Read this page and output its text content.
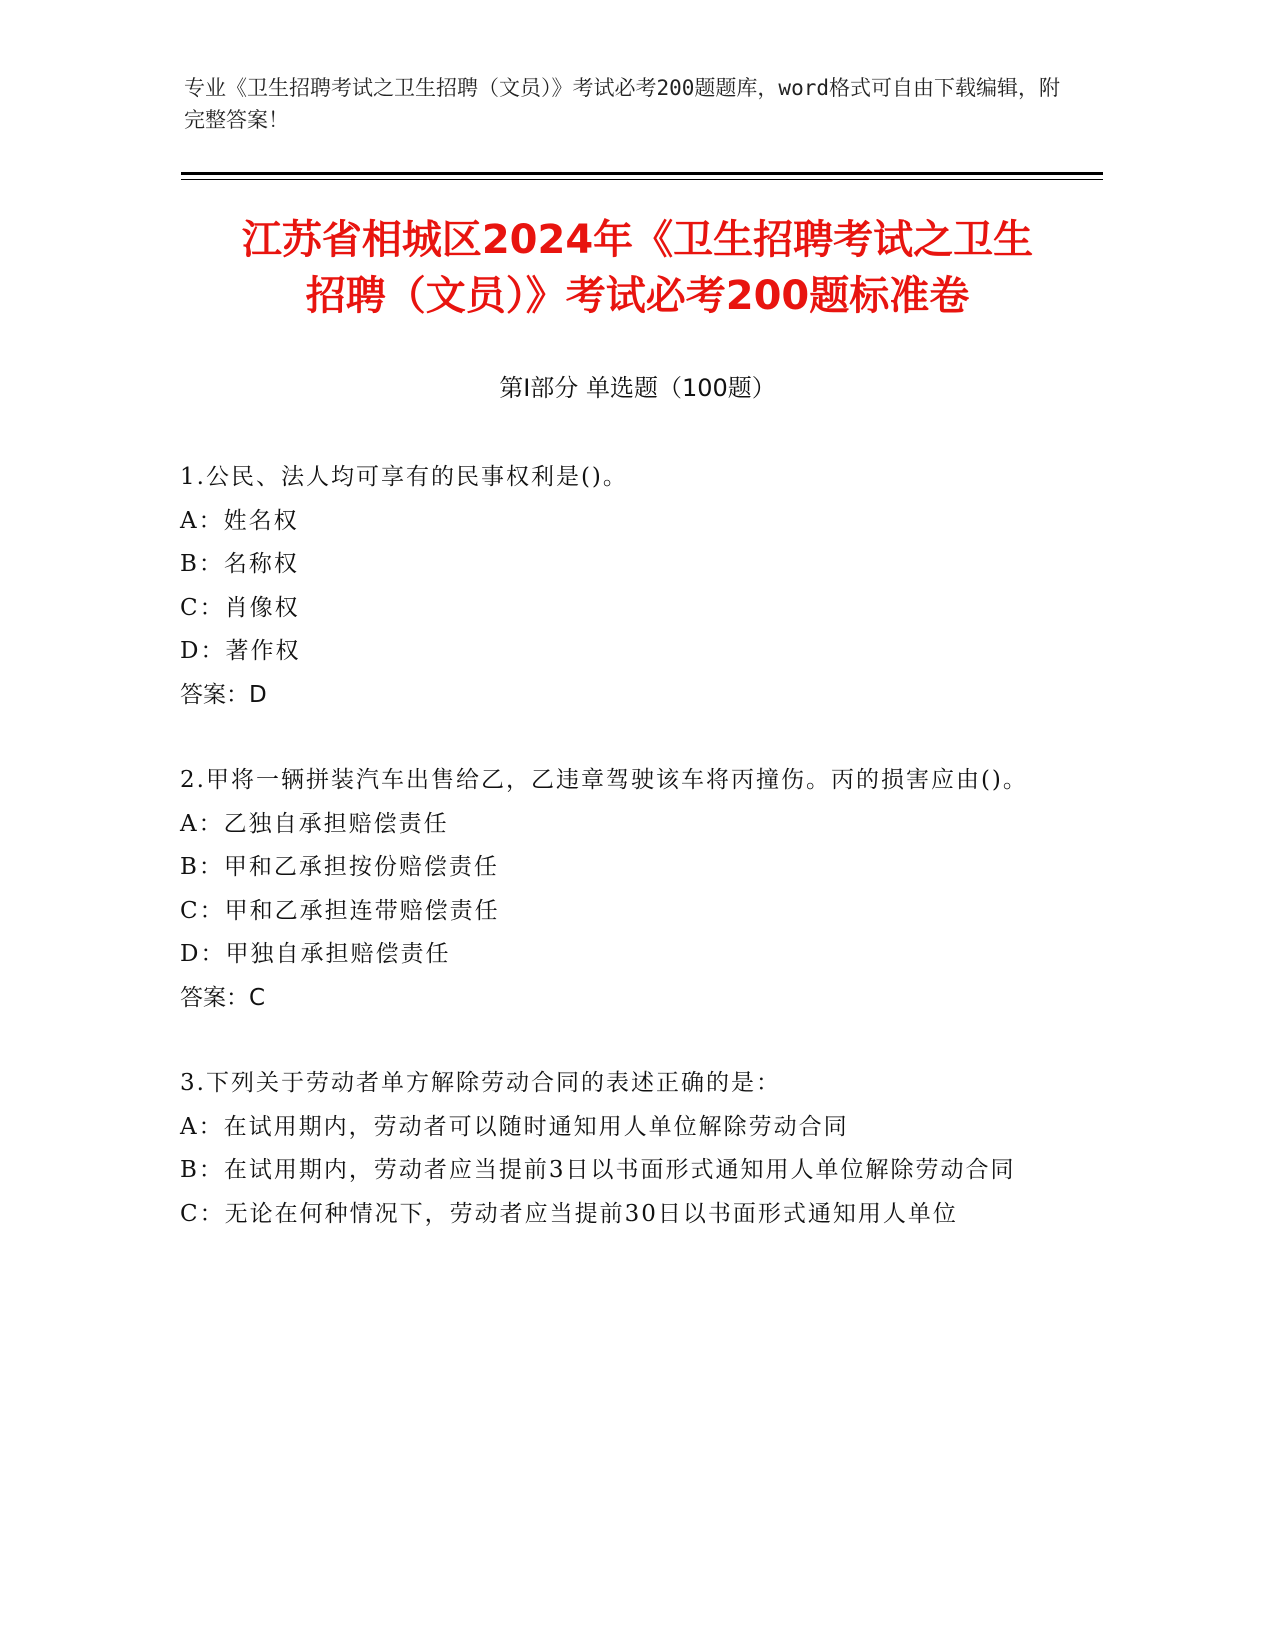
专业《卫生招聘考试之卫生招聘（文员）》考试必考200题题库，word格式可自由下载编辑，附完整答案！
江苏省相城区2024年《卫生招聘考试之卫生
招聘（文员）》考试必考200题标准卷
第Ⅰ部分 单选题（100题）
1.公民、法人均可享有的民事权利是()。
A：姓名权
B：名称权
C：肖像权
D：著作权
答案：D
2.甲将一辆拼装汽车出售给乙，乙违章驾驶该车将丙撞伤。丙的损害应由()。
A：乙独自承担赔偿责任
B：甲和乙承担按份赔偿责任
C：甲和乙承担连带赔偿责任
D：甲独自承担赔偿责任
答案：C
3.下列关于劳动者单方解除劳动合同的表述正确的是：
A：在试用期内，劳动者可以随时通知用人单位解除劳动合同
B：在试用期内，劳动者应当提前3日以书面形式通知用人单位解除劳动合同
C：无论在何种情况下，劳动者应当提前30日以书面形式通知用人单位
